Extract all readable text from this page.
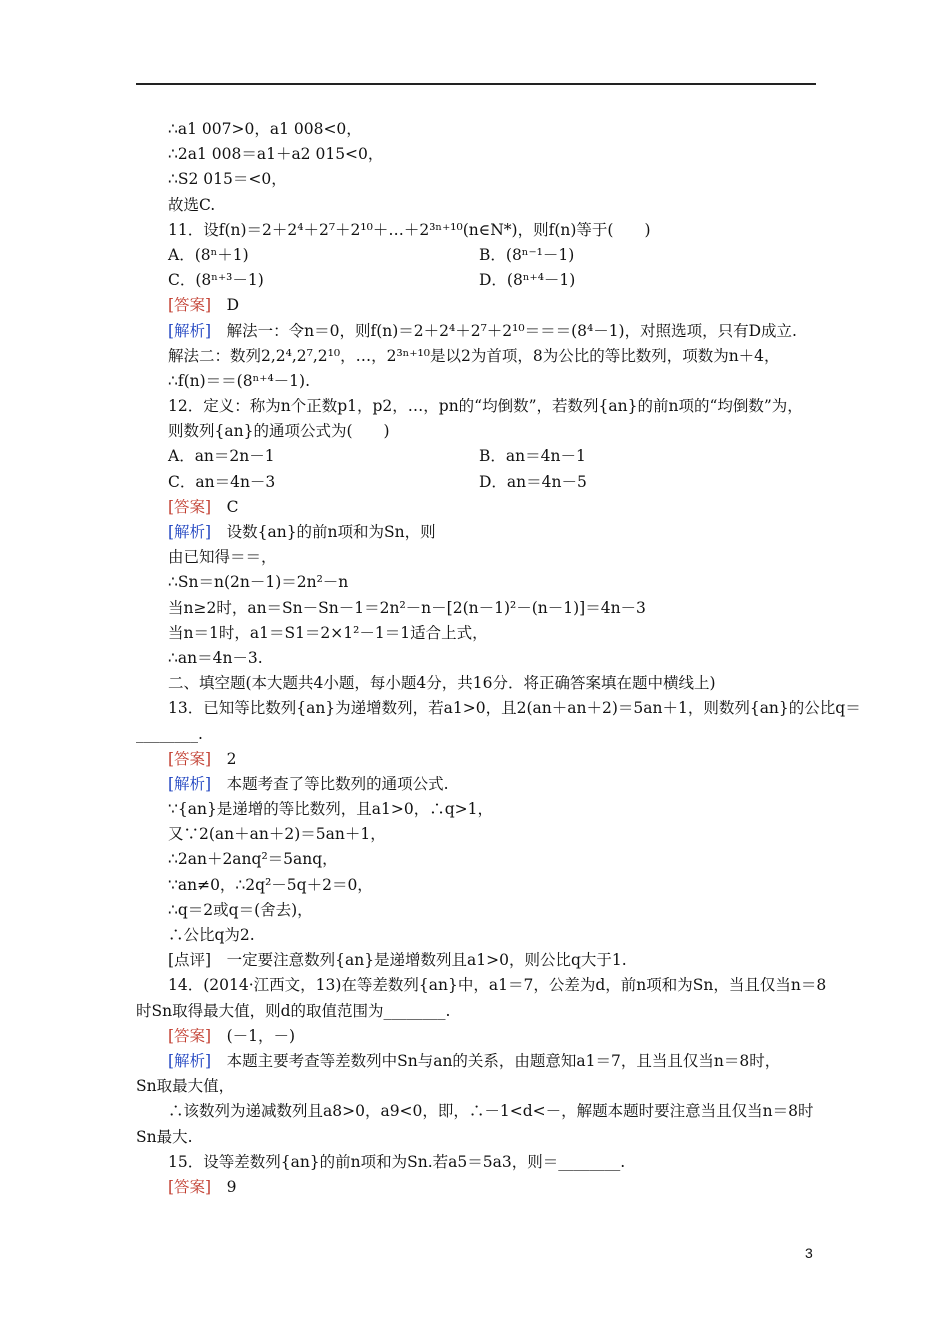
∴a1 007>0，a1 008<0，
∴2a1 008＝a1＋a2 015<0，
∴S2 015＝<0，
故选C.
11．设f(n)＝2＋2⁴＋2⁷＋2¹⁰＋…＋2³ⁿ⁺¹⁰(n∈N*)，则f(n)等于(　　)
A．(8ⁿ＋1)	B．(8ⁿ⁻¹－1)
C．(8ⁿ⁺³－1)	D．(8ⁿ⁺⁴－1)
[答案]　D
[解析]　解法一：令n＝0，则f(n)＝2＋2⁴＋2⁷＋2¹⁰＝＝＝(8⁴－1)，对照选项，只有D成立.
解法二：数列2,2⁴,2⁷,2¹⁰，…，2³ⁿ⁺¹⁰是以2为首项，8为公比的等比数列，项数为n＋4，
∴f(n)＝＝(8ⁿ⁺⁴－1).
12．定义：称为n个正数p1，p2，…，pn的“均倒数”，若数列{an}的前n项的“均倒数”为，
则数列{an}的通项公式为(　　)
A．an＝2n－1	B．an＝4n－1
C．an＝4n－3	D．an＝4n－5
[答案]　C
[解析]　设数{an}的前n项和为Sn，则
由已知得＝＝，
∴Sn＝n(2n－1)＝2n²－n
当n≥2时，an＝Sn－Sn－1＝2n²－n－[2(n－1)²－(n－1)]＝4n－3
当n＝1时，a1＝S1＝2×1²－1＝1适合上式，
∴an＝4n－3.
二、填空题(本大题共4小题，每小题4分，共16分．将正确答案填在题中横线上)
13．已知等比数列{an}为递增数列，若a1>0，且2(an＋an＋2)＝5an＋1，则数列{an}的公比q＝
________.
[答案]　2
[解析]　本题考查了等比数列的通项公式.
∵{an}是递增的等比数列，且a1>0，∴q>1，
又∵2(an＋an＋2)＝5an＋1，
∴2an＋2anq²＝5anq，
∵an≠0，∴2q²－5q＋2＝0，
∴q＝2或q＝(舍去)，
∴公比q为2.
[点评]　一定要注意数列{an}是递增数列且a1>0，则公比q大于1.
14．(2014·江西文，13)在等差数列{an}中，a1＝7，公差为d，前n项和为Sn，当且仅当n＝8
时Sn取得最大值，则d的取值范围为________.
[答案]　(－1，－)
[解析]　本题主要考查等差数列中Sn与an的关系，由题意知a1＝7，且当且仅当n＝8时，
Sn取最大值，
∴该数列为递减数列且a8>0，a9<0，即，∴－1<d<－，解题本题时要注意当且仅当n＝8时
Sn最大.
15．设等差数列{an}的前n项和为Sn.若a5＝5a3，则＝________.
[答案]　9
3
